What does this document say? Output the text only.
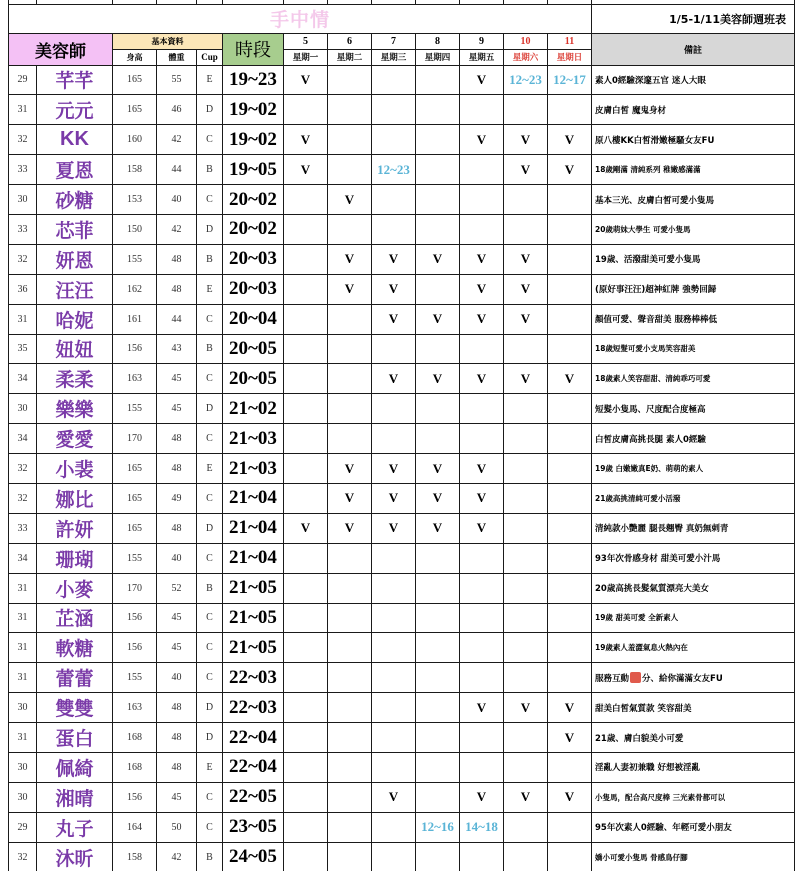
手中情													1/5-1/11美容師週班表
美容師		基本資料			時段	5	6	7	8	9	10	11	備註
		身高	體重	Cup		星期一	星期二	星期三	星期四	星期五	星期六	星期日	
29	芊芊	165	55	E	19~23	V				V	12~23	12~17	素人0經驗深邃五官 迷人大眼
31	元元	165	46	D	19~02								皮膚白皙 魔鬼身材
32	KK	160	42	C	19~02	V				V	V	V	原八樓KK白皙滑嫩極騷女友FU
33	夏恩	158	44	B	19~05	V		12~23			V	V	18歲剛滿 清純系列 稚嫩感滿滿
30	砂糖	153	40	C	20~02		V						基本三光、皮膚白皙可愛小隻馬
33	芯菲	150	42	D	20~02								20歲萌妹大學生 可愛小隻馬
32	妍恩	155	48	B	20~03		V	V	V	V	V		19歲、活潑甜美可愛小隻馬
36	汪汪	162	48	E	20~03		V	V		V	V		(原好事汪汪)超神紅牌 強勢回歸
31	哈妮	161	44	C	20~04			V	V	V	V		顏值可愛、聲音甜美 服務棒棒低
35	妞妞	156	43	B	20~05								18歲短髮可愛小支馬笑容甜美
34	柔柔	163	45	C	20~05			V	V	V	V	V	18歲素人笑容甜甜、清純乖巧可愛
30	樂樂	155	45	D	21~02								短髮小隻馬、尺度配合度極高
34	愛愛	170	48	C	21~03								白皙皮膚高挑長腿 素人0經驗
32	小裴	165	48	E	21~03		V	V	V	V			19歲 白嫩嫩真E奶、萌萌的素人
32	娜比	165	49	C	21~04		V	V	V	V			21歲高挑清純可愛小活潑
33	許妍	165	48	D	21~04	V	V	V	V	V			清純款小艷麗 腿長翹臀 真奶無刺青
34	珊瑚	155	40	C	21~04								93年次骨感身材 甜美可愛小汁馬
31	小麥	170	52	B	21~05								20歲高挑長髮氣質漂亮大美女
31	芷涵	156	45	C	21~05								19歲 甜美可愛 全新素人
31	軟糖	156	45	C	21~05								19歲素人羞澀氣息火熱內在
31	蕾蕾	155	40	C	22~03								服務互動 分、給你滿滿女友FU
30	雙雙	163	48	D	22~03					V	V	V	甜美白皙氣質款 笑容甜美
31	蛋白	168	48	D	22~04							V	21歲、膚白貌美小可愛
30	佩綺	168	48	E	22~04								淫亂人妻初兼職 好想被淫亂
30	湘晴	156	45	C	22~05			V		V	V	V	小隻馬，配合高尺度棒 三光素骨都可以
29	丸子	164	50	C	23~05				12~16	14~18			95年次素人0經驗、年輕可愛小朋友
32	沐昕	158	42	B	24~05								嬌小可愛小隻馬 骨感鳥仔腳
